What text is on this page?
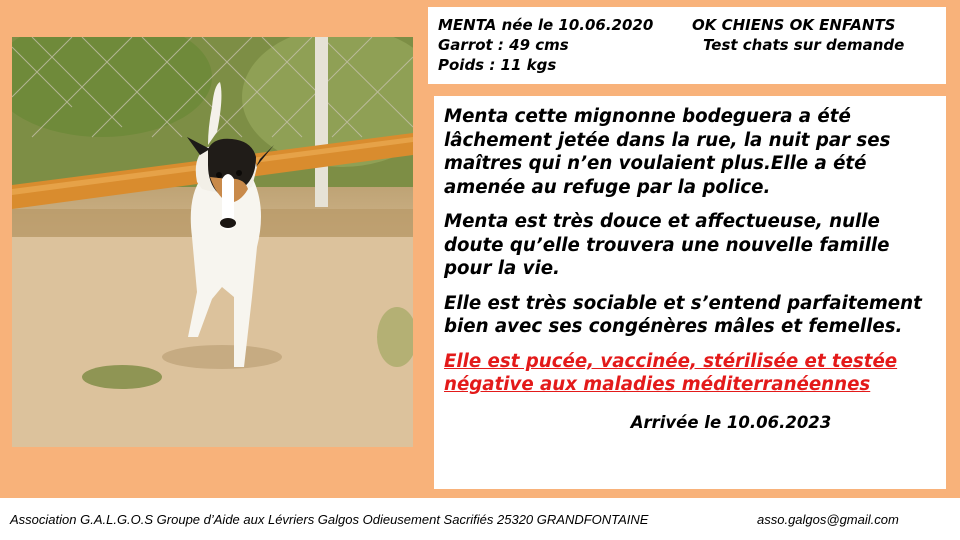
MENTA née le 10.06.2020	OK CHIENS OK ENFANTS
Garrot : 49 cms	Test chats sur demande
Poids : 11 kgs

Menta cette mignonne bodeguera a été lâchement jetée dans la rue, la nuit par ses maîtres qui n’en voulaient plus.Elle a été amenée au refuge par la police.

Menta est très douce et affectueuse, nulle doute qu’elle trouvera une nouvelle famille pour la vie.

Elle est très sociable et s’entend parfaitement bien avec ses congénères mâles et femelles.

Elle est pucée, vaccinée, stérilisée et testée négative aux maladies méditerranéennes

Arrivée le 10.06.2023

Association G.A.L.G.O.S Groupe d’Aide aux Lévriers Galgos Odieusement Sacrifiés 25320 GRANDFONTAINE	asso.galgos@gmail.com
